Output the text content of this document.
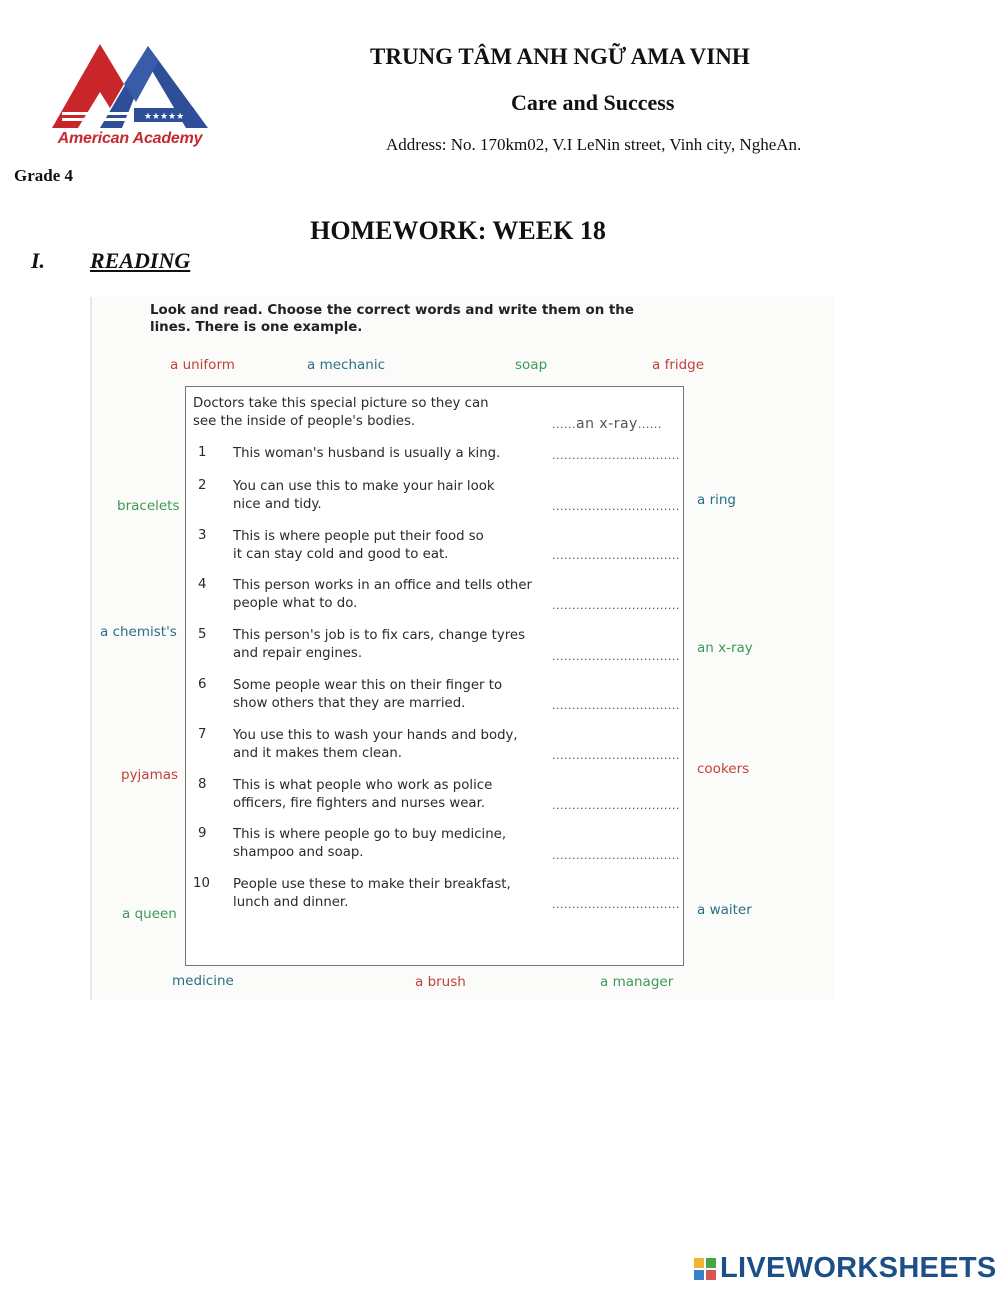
★★★★★
American Academy
TRUNG TÂM ANH NGỮ AMA VINH
Care and Success
Address: No. 170km02, V.I LeNin street, Vinh city, NgheAn.
Grade 4
HOMEWORK: WEEK 18
I. READING
Look and read. Choose the correct words and write them on the
lines. There is one example.
a uniform	a mechanic	soap	a fridge
bracelets
a chemist's
pyjamas
a queen
a ring
an x-ray
cookers
a waiter
medicine	a brush	a manager
Doctors take this special picture so they can
see the inside of people's bodies.	......an x-ray......
1 This woman's husband is usually a king.	................................
2 You can use this to make your hair look
nice and tidy.	................................
3 This is where people put their food so
it can stay cold and good to eat.	................................
4 This person works in an office and tells other
people what to do.	................................
5 This person's job is to fix cars, change tyres
and repair engines.	................................
6 Some people wear this on their finger to
show others that they are married.	................................
7 You use this to wash your hands and body,
and it makes them clean.	................................
8 This is what people who work as police
officers, fire fighters and nurses wear.	................................
9 This is where people go to buy medicine,
shampoo and soap.	................................
10 People use these to make their breakfast,
lunch and dinner.	................................
LIVEWORKSHEETS
